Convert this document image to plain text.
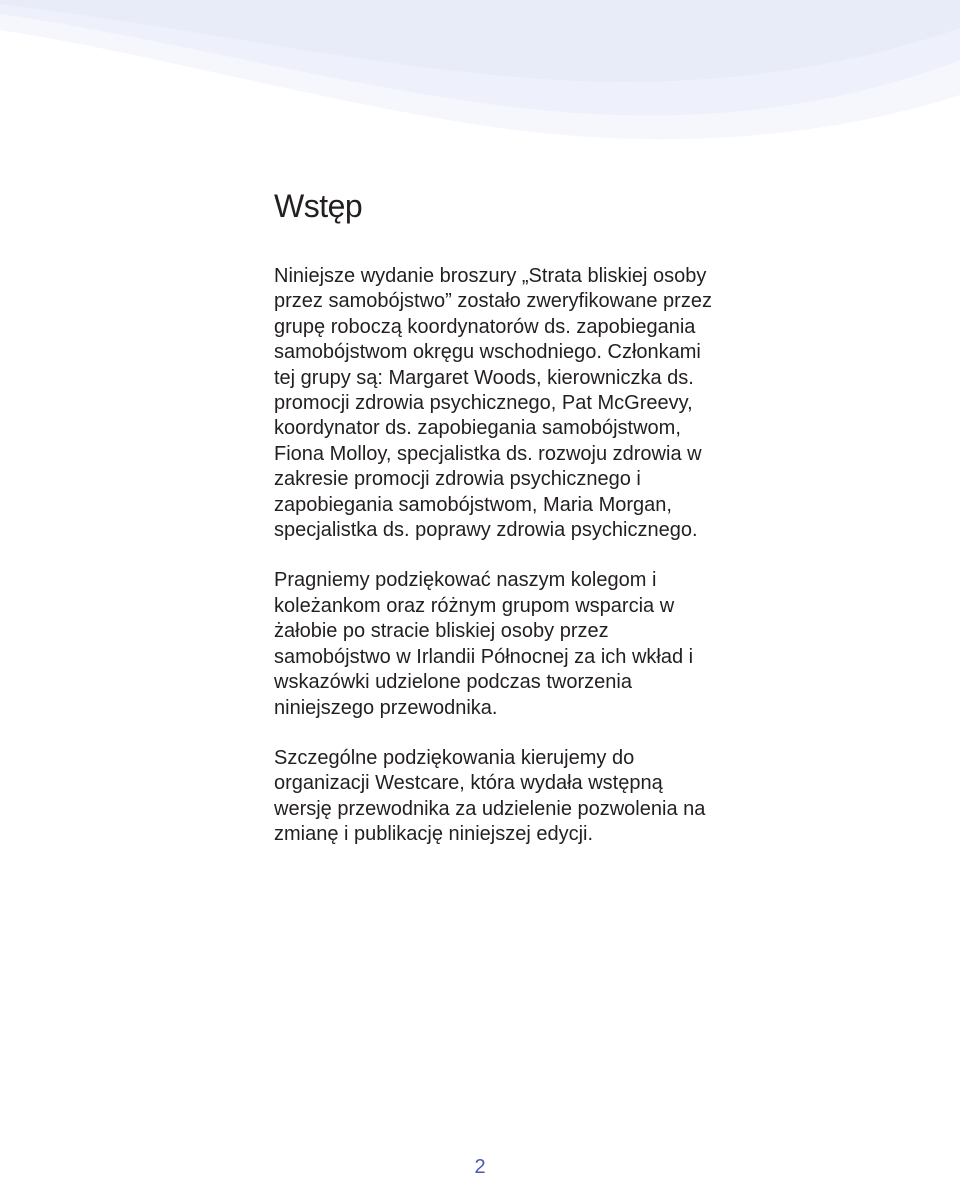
Wstęp

Niniejsze wydanie broszury „Strata bliskiej osoby przez samobójstwo” zostało zweryfikowane przez grupę roboczą koordynatorów ds. zapobiegania samobójstwom okręgu wschodniego. Członkami tej grupy są: Margaret Woods, kierowniczka ds. promocji zdrowia psychicznego, Pat McGreevy, koordynator ds. zapobiegania samobójstwom, Fiona Molloy, specjalistka ds. rozwoju zdrowia w zakresie promocji zdrowia psychicznego i zapobiegania samobójstwom, Maria Morgan, specjalistka ds. poprawy zdrowia psychicznego.

Pragniemy podziękować naszym kolegom i koleżankom oraz różnym grupom wsparcia w żałobie po stracie bliskiej osoby przez samobójstwo w Irlandii Północnej za ich wkład i wskazówki udzielone podczas tworzenia niniejszego przewodnika.

Szczególne podziękowania kierujemy do organizacji Westcare, która wydała wstępną wersję przewodnika za udzielenie pozwolenia na zmianę i publikację niniejszej edycji.

2
